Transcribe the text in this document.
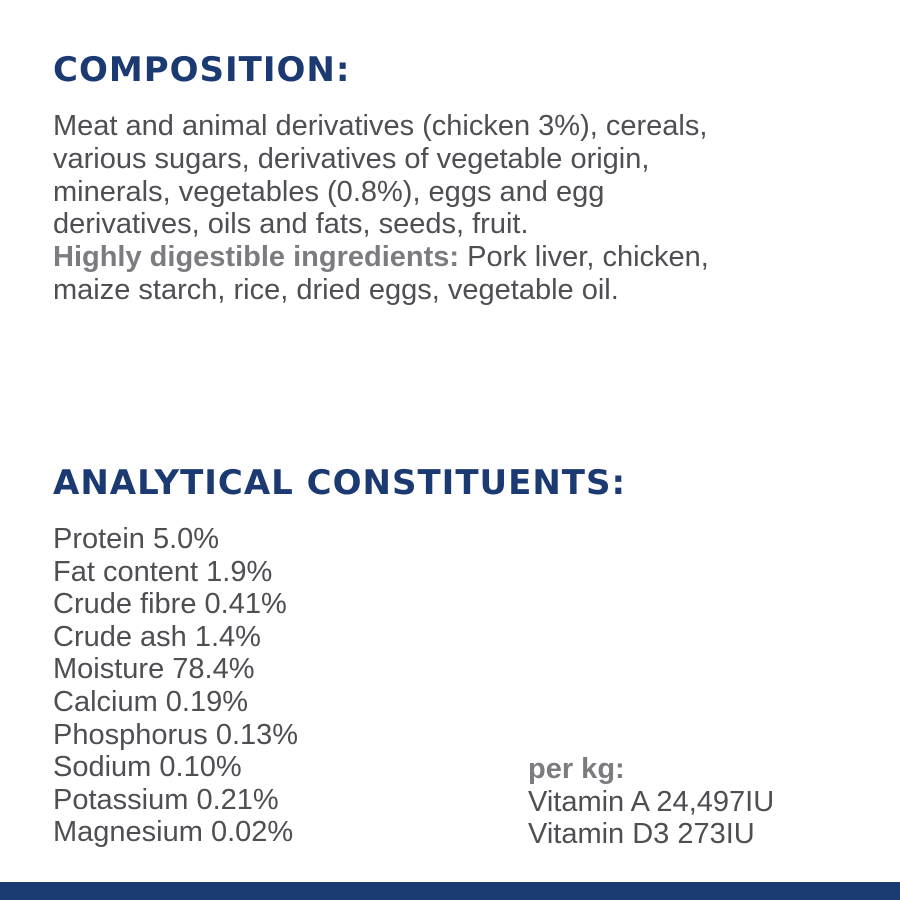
COMPOSITION:

Meat and animal derivatives (chicken 3%), cereals,
various sugars, derivatives of vegetable origin,
minerals, vegetables (0.8%), eggs and egg
derivatives, oils and fats, seeds, fruit.
Highly digestible ingredients: Pork liver, chicken,
maize starch, rice, dried eggs, vegetable oil.

ANALYTICAL CONSTITUENTS:
Protein 5.0%
Fat content 1.9%
Crude fibre 0.41%
Crude ash 1.4%
Moisture 78.4%
Calcium 0.19%
Phosphorus 0.13%
Sodium 0.10%
Potassium 0.21%
Magnesium 0.02%
per kg:
Vitamin A 24,497IU
Vitamin D3 273IU
